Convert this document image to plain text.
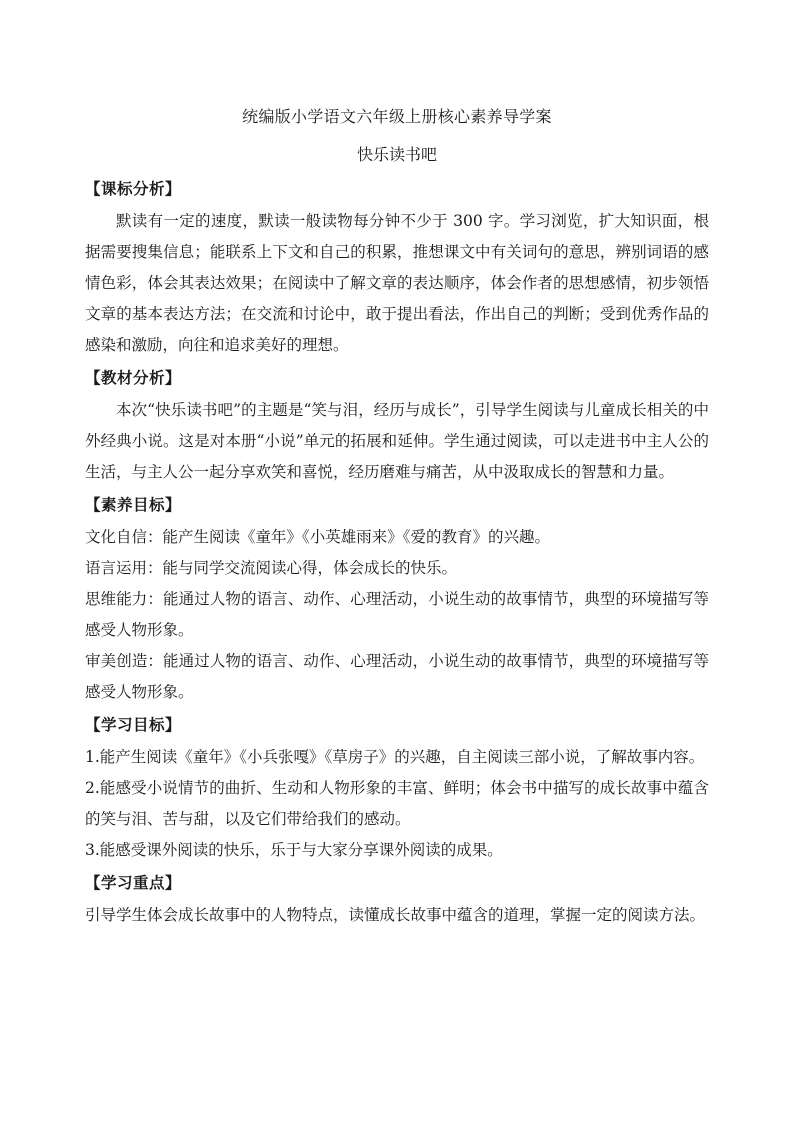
统编版小学语文六年级上册核心素养导学案
快乐读书吧

【课标分析】

默读有一定的速度，默读一般读物每分钟不少于 300 字。学习浏览，扩大知识面，根据需要搜集信息；能联系上下文和自己的积累，推想课文中有关词句的意思，辨别词语的感情色彩，体会其表达效果；在阅读中了解文章的表达顺序，体会作者的思想感情，初步领悟文章的基本表达方法；在交流和讨论中，敢于提出看法，作出自己的判断；受到优秀作品的感染和激励，向往和追求美好的理想。

【教材分析】

本次“快乐读书吧”的主题是“笑与泪，经历与成长”，引导学生阅读与儿童成长相关的中外经典小说。这是对本册“小说”单元的拓展和延伸。学生通过阅读，可以走进书中主人公的生活，与主人公一起分享欢笑和喜悦，经历磨难与痛苦，从中汲取成长的智慧和力量。

【素养目标】

文化自信：能产生阅读《童年》《小英雄雨来》《爱的教育》的兴趣。

语言运用：能与同学交流阅读心得，体会成长的快乐。

思维能力：能通过人物的语言、动作、心理活动，小说生动的故事情节，典型的环境描写等感受人物形象。

审美创造：能通过人物的语言、动作、心理活动，小说生动的故事情节，典型的环境描写等感受人物形象。

【学习目标】

1.能产生阅读《童年》《小兵张嘎》《草房子》的兴趣，自主阅读三部小说，了解故事内容。

2.能感受小说情节的曲折、生动和人物形象的丰富、鲜明；体会书中描写的成长故事中蕴含的笑与泪、苦与甜，以及它们带给我们的感动。

3.能感受课外阅读的快乐，乐于与大家分享课外阅读的成果。

【学习重点】

引导学生体会成长故事中的人物特点，读懂成长故事中蕴含的道理，掌握一定的阅读方法。
